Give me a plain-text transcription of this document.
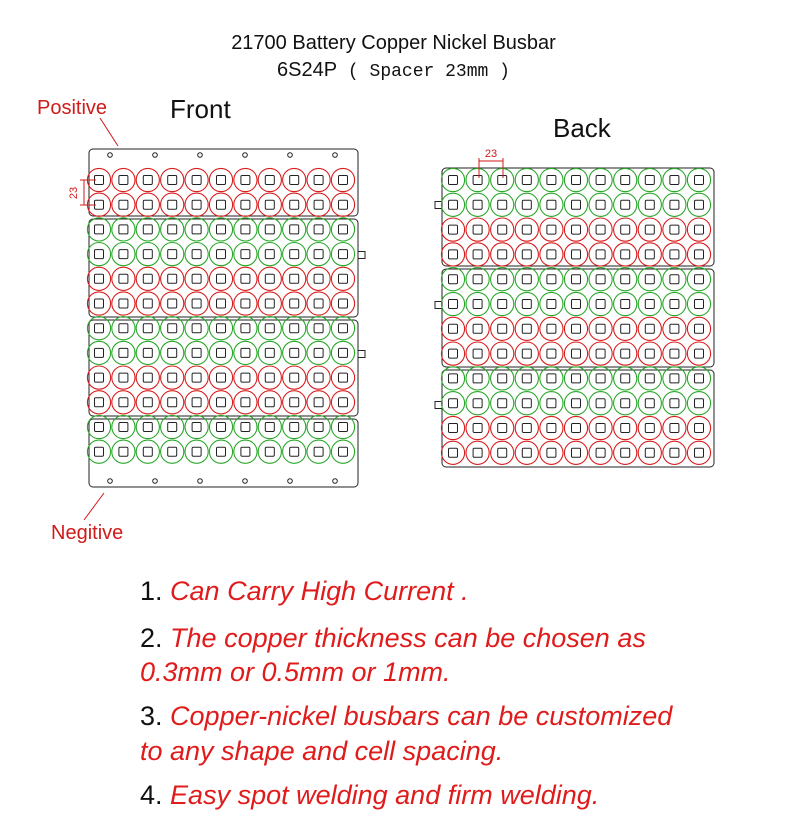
21700 Battery Copper Nickel Busbar
6S24P ( Spacer 23mm )
23
23
Front
Back
Positive
Negitive
1. Can Carry High Current .
2. The copper thickness can be chosen as
0.3mm or 0.5mm or 1mm.
3. Copper-nickel busbars can be customized
to any shape and cell spacing.
4. Easy spot welding and firm welding.
